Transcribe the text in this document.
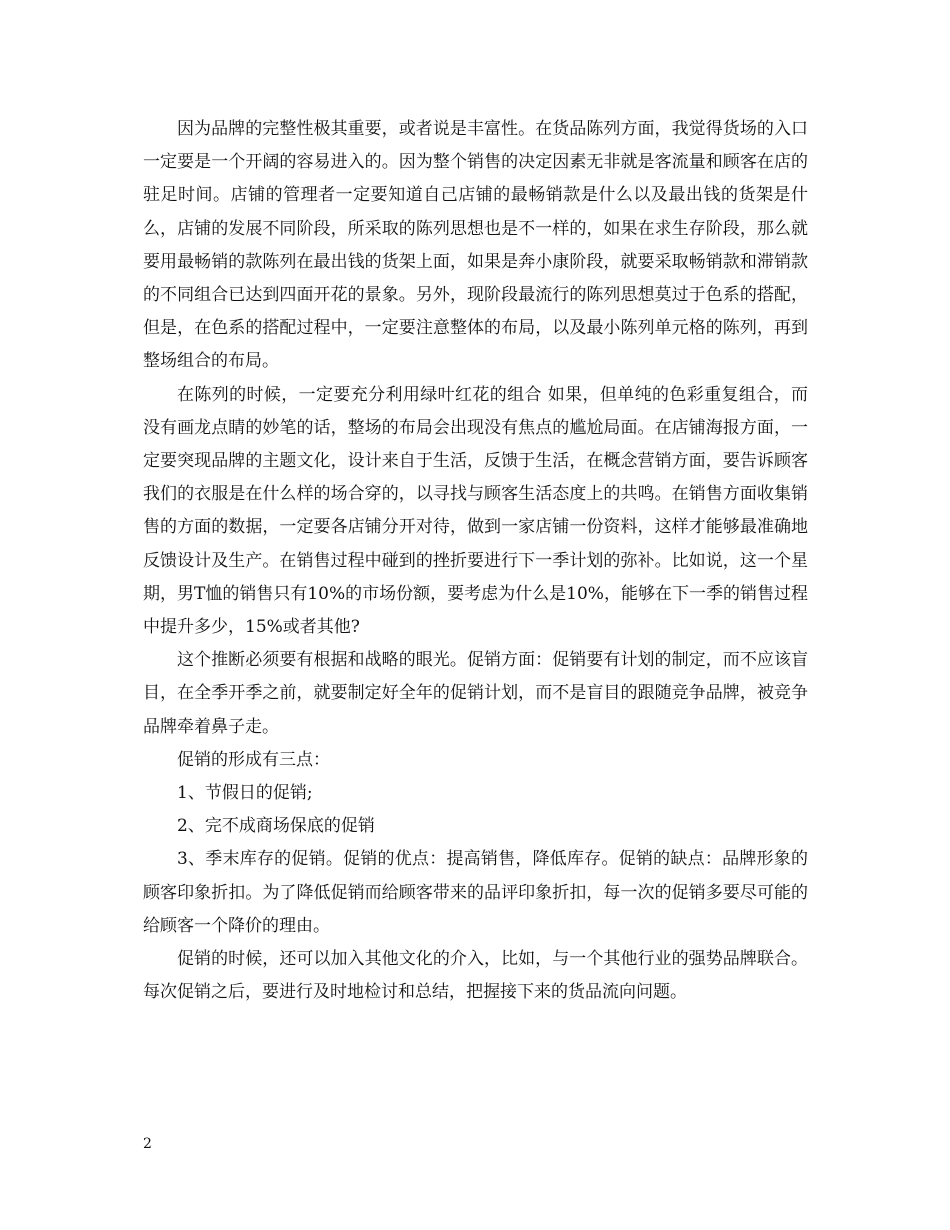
因为品牌的完整性极其重要，或者说是丰富性。在货品陈列方面，我觉得货场的入口一定要是一个开阔的容易进入的。因为整个销售的决定因素无非就是客流量和顾客在店的驻足时间。店铺的管理者一定要知道自己店铺的最畅销款是什么以及最出钱的货架是什么，店铺的发展不同阶段，所采取的陈列思想也是不一样的，如果在求生存阶段，那么就要用最畅销的款陈列在最出钱的货架上面，如果是奔小康阶段，就要采取畅销款和滞销款的不同组合已达到四面开花的景象。另外，现阶段最流行的陈列思想莫过于色系的搭配，但是，在色系的搭配过程中，一定要注意整体的布局，以及最小陈列单元格的陈列，再到整场组合的布局。

在陈列的时候，一定要充分利用绿叶红花的组合 如果，但单纯的色彩重复组合，而没有画龙点睛的妙笔的话，整场的布局会出现没有焦点的尴尬局面。在店铺海报方面，一定要突现品牌的主题文化，设计来自于生活，反馈于生活，在概念营销方面，要告诉顾客我们的衣服是在什么样的场合穿的，以寻找与顾客生活态度上的共鸣。在销售方面收集销售的方面的数据，一定要各店铺分开对待，做到一家店铺一份资料，这样才能够最准确地反馈设计及生产。在销售过程中碰到的挫折要进行下一季计划的弥补。比如说，这一个星期，男T恤的销售只有10%的市场份额，要考虑为什么是10%，能够在下一季的销售过程中提升多少，15%或者其他?

这个推断必须要有根据和战略的眼光。促销方面：促销要有计划的制定，而不应该盲目，在全季开季之前，就要制定好全年的促销计划，而不是盲目的跟随竞争品牌，被竞争品牌牵着鼻子走。

促销的形成有三点：

1、节假日的促销;

2、完不成商场保底的促销

3、季末库存的促销。促销的优点：提高销售，降低库存。促销的缺点：品牌形象的顾客印象折扣。为了降低促销而给顾客带来的品评印象折扣，每一次的促销多要尽可能的给顾客一个降价的理由。

促销的时候，还可以加入其他文化的介入，比如，与一个其他行业的强势品牌联合。每次促销之后，要进行及时地检讨和总结，把握接下来的货品流向问题。

2
